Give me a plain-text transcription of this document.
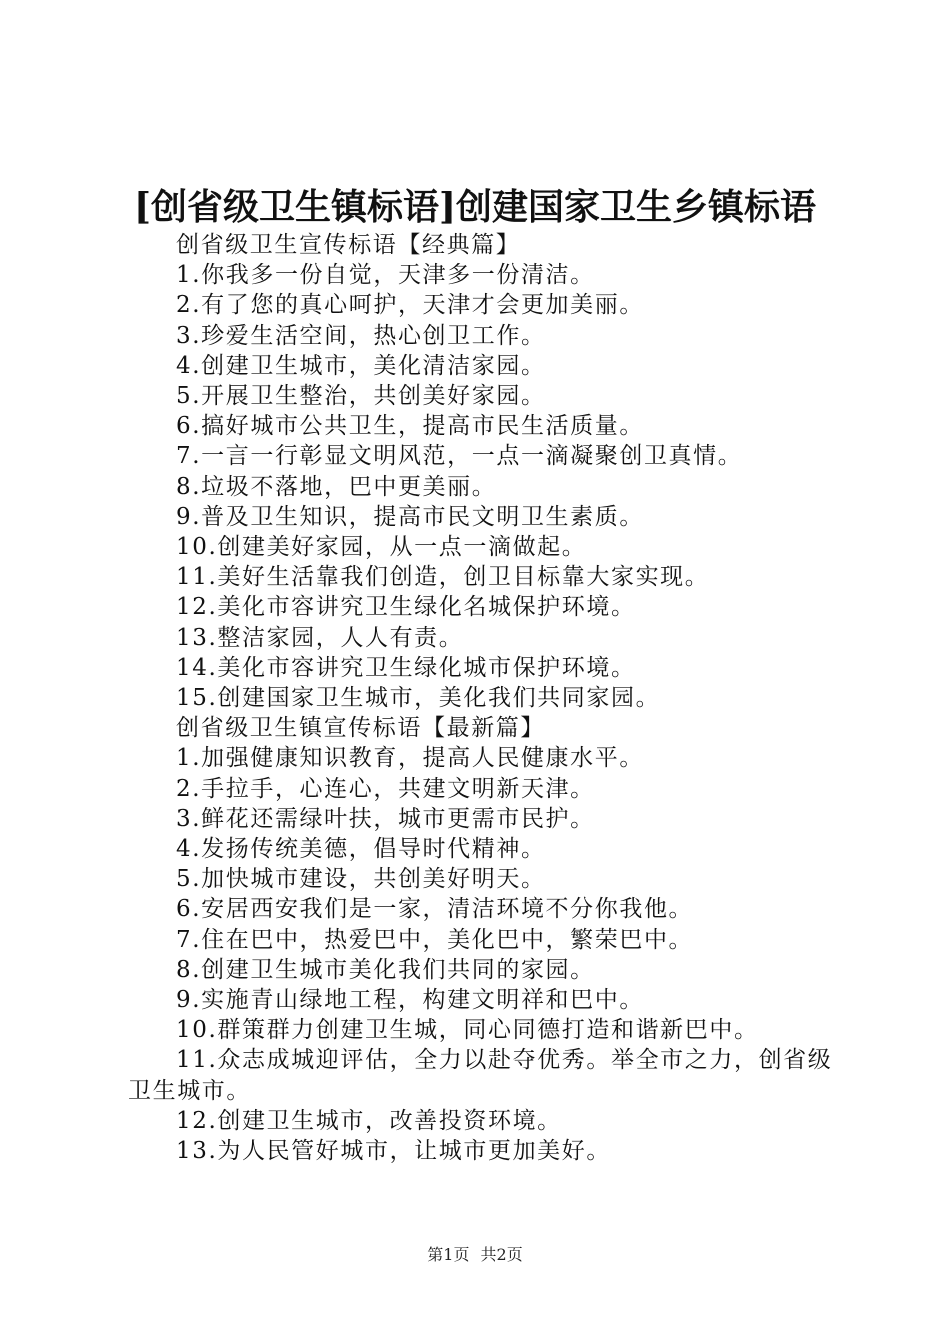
[创省级卫生镇标语]创建国家卫生乡镇标语
创省级卫生宣传标语【经典篇】
1.你我多一份自觉，天津多一份清洁。
2.有了您的真心呵护，天津才会更加美丽。
3.珍爱生活空间，热心创卫工作。
4.创建卫生城市，美化清洁家园。
5.开展卫生整治，共创美好家园。
6.搞好城市公共卫生，提高市民生活质量。
7.一言一行彰显文明风范，一点一滴凝聚创卫真情。
8.垃圾不落地，巴中更美丽。
9.普及卫生知识，提高市民文明卫生素质。
10.创建美好家园，从一点一滴做起。
11.美好生活靠我们创造，创卫目标靠大家实现。
12.美化市容讲究卫生绿化名城保护环境。
13.整洁家园，人人有责。
14.美化市容讲究卫生绿化城市保护环境。
15.创建国家卫生城市，美化我们共同家园。
创省级卫生镇宣传标语【最新篇】
1.加强健康知识教育，提高人民健康水平。
2.手拉手，心连心，共建文明新天津。
3.鲜花还需绿叶扶，城市更需市民护。
4.发扬传统美德，倡导时代精神。
5.加快城市建设，共创美好明天。
6.安居西安我们是一家，清洁环境不分你我他。
7.住在巴中，热爱巴中，美化巴中，繁荣巴中。
8.创建卫生城市美化我们共同的家园。
9.实施青山绿地工程，构建文明祥和巴中。
10.群策群力创建卫生城，同心同德打造和谐新巴中。
11.众志成城迎评估，全力以赴夺优秀。举全市之力，创省级卫生城市。
12.创建卫生城市，改善投资环境。
13.为人民管好城市，让城市更加美好。
第1页 共2页
